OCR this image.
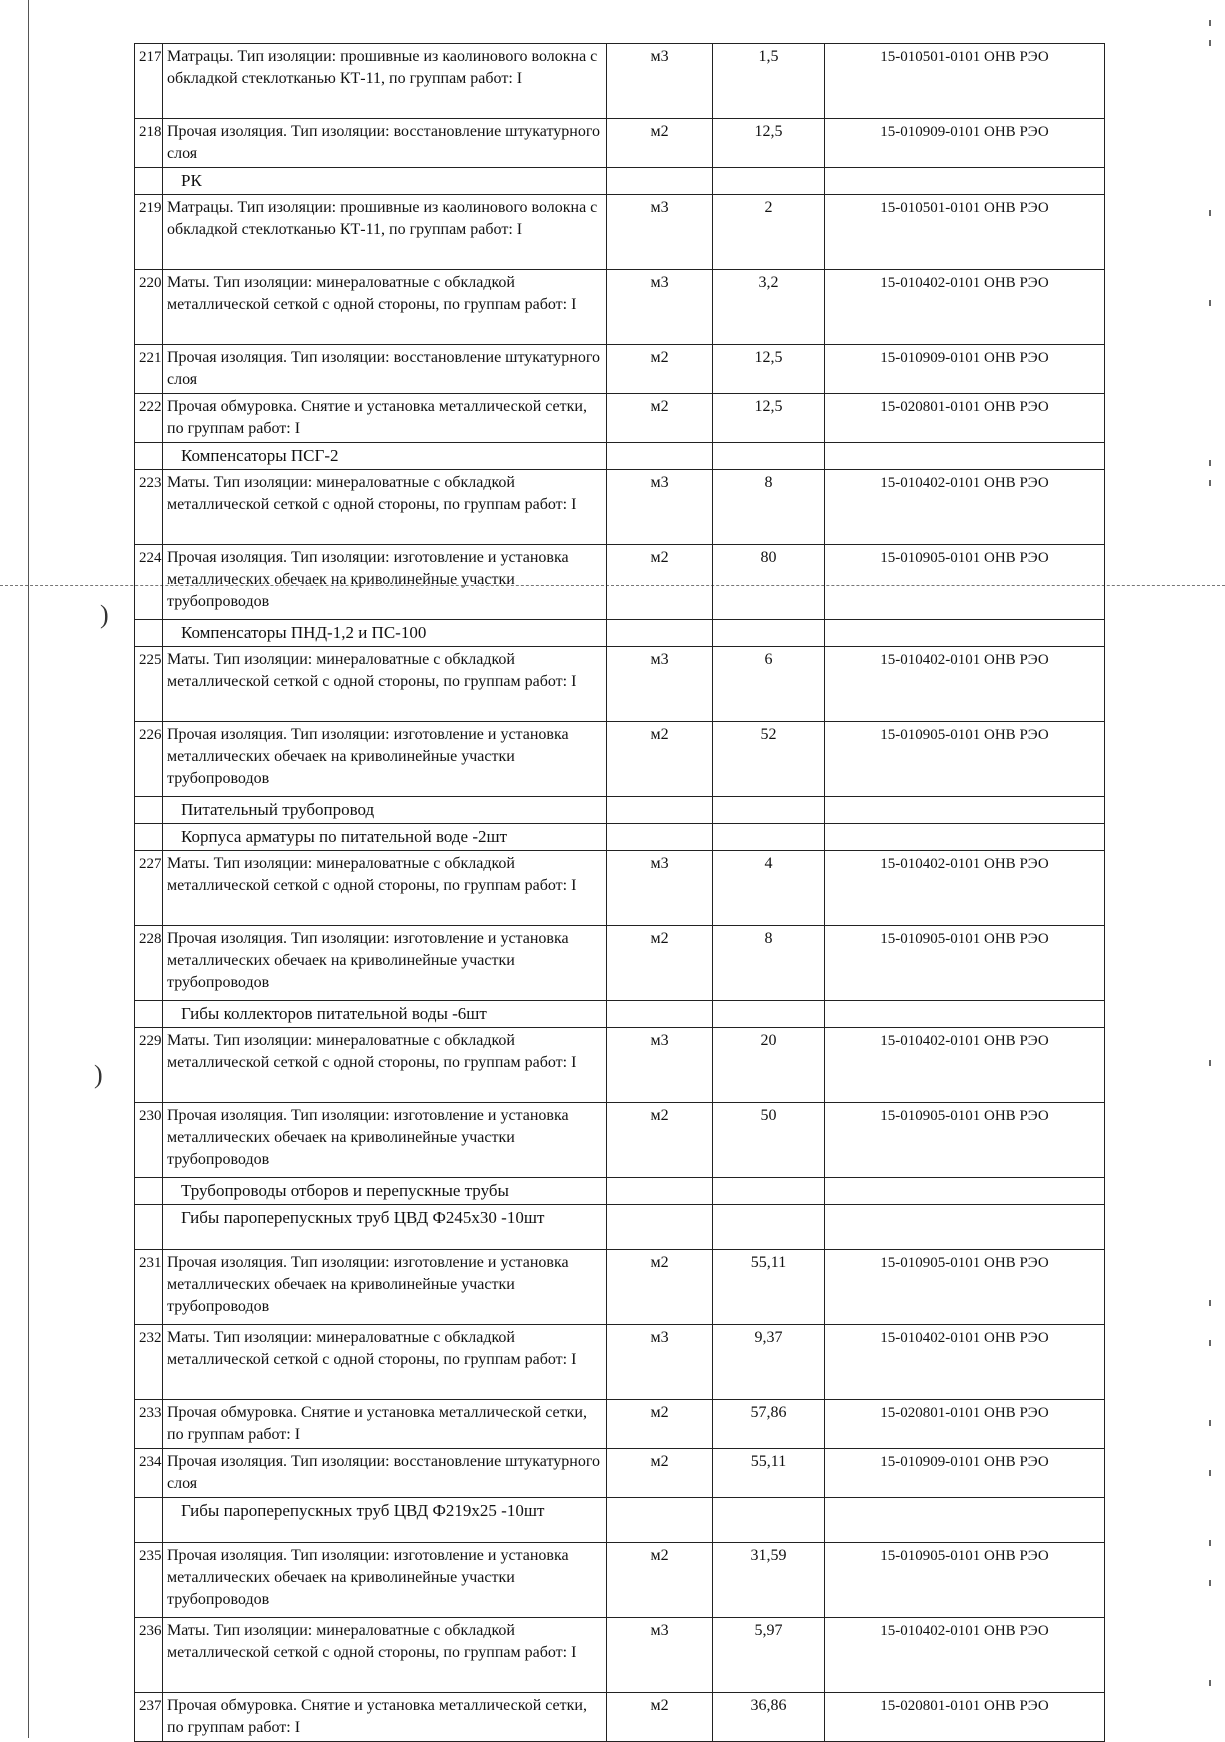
)
)
217	Матрацы. Тип изоляции: прошивные из каолинового волокна с обкладкой стеклотканью КТ-11, по группам работ: I	м3	1,5	15-010501-0101 ОНВ РЭО
218	Прочая изоляция. Тип изоляции: восстановление штукатурного слоя	м2	12,5	15-010909-0101 ОНВ РЭО
	РК			
219	Матрацы. Тип изоляции: прошивные из каолинового волокна с обкладкой стеклотканью КТ-11, по группам работ: I	м3	2	15-010501-0101 ОНВ РЭО
220	Маты. Тип изоляции: минераловатные с обкладкой металлической сеткой с одной стороны, по группам работ: I	м3	3,2	15-010402-0101 ОНВ РЭО
221	Прочая изоляция. Тип изоляции: восстановление штукатурного слоя	м2	12,5	15-010909-0101 ОНВ РЭО
222	Прочая обмуровка. Снятие и установка металлической сетки, по группам работ: I	м2	12,5	15-020801-0101 ОНВ РЭО
	Компенсаторы ПСГ-2			
223	Маты. Тип изоляции: минераловатные с обкладкой металлической сеткой с одной стороны, по группам работ: I	м3	8	15-010402-0101 ОНВ РЭО
224	Прочая изоляция. Тип изоляции: изготовление и установка металлических обечаек на криволинейные участки трубопроводов	м2	80	15-010905-0101 ОНВ РЭО
	Компенсаторы ПНД-1,2 и ПС-100			
225	Маты. Тип изоляции: минераловатные с обкладкой металлической сеткой с одной стороны, по группам работ: I	м3	6	15-010402-0101 ОНВ РЭО
226	Прочая изоляция. Тип изоляции: изготовление и установка металлических обечаек на криволинейные участки трубопроводов	м2	52	15-010905-0101 ОНВ РЭО
	Питательный трубопровод			
	Корпуса арматуры по питательной воде -2шт			
227	Маты. Тип изоляции: минераловатные с обкладкой металлической сеткой с одной стороны, по группам работ: I	м3	4	15-010402-0101 ОНВ РЭО
228	Прочая изоляция. Тип изоляции: изготовление и установка металлических обечаек на криволинейные участки трубопроводов	м2	8	15-010905-0101 ОНВ РЭО
	Гибы коллекторов питательной воды -6шт			
229	Маты. Тип изоляции: минераловатные с обкладкой металлической сеткой с одной стороны, по группам работ: I	м3	20	15-010402-0101 ОНВ РЭО
230	Прочая изоляция. Тип изоляции: изготовление и установка металлических обечаек на криволинейные участки трубопроводов	м2	50	15-010905-0101 ОНВ РЭО
	Трубопроводы отборов и перепускные трубы			
	Гибы пароперепускных труб ЦВД Ф245х30 -10шт			
231	Прочая изоляция. Тип изоляции: изготовление и установка металлических обечаек на криволинейные участки трубопроводов	м2	55,11	15-010905-0101 ОНВ РЭО
232	Маты. Тип изоляции: минераловатные с обкладкой металлической сеткой с одной стороны, по группам работ: I	м3	9,37	15-010402-0101 ОНВ РЭО
233	Прочая обмуровка. Снятие и установка металлической сетки, по группам работ: I	м2	57,86	15-020801-0101 ОНВ РЭО
234	Прочая изоляция. Тип изоляции: восстановление штукатурного слоя	м2	55,11	15-010909-0101 ОНВ РЭО
	Гибы пароперепускных труб ЦВД Ф219х25 -10шт			
235	Прочая изоляция. Тип изоляции: изготовление и установка металлических обечаек на криволинейные участки трубопроводов	м2	31,59	15-010905-0101 ОНВ РЭО
236	Маты. Тип изоляции: минераловатные с обкладкой металлической сеткой с одной стороны, по группам работ: I	м3	5,97	15-010402-0101 ОНВ РЭО
237	Прочая обмуровка. Снятие и установка металлической сетки, по группам работ: I	м2	36,86	15-020801-0101 ОНВ РЭО
